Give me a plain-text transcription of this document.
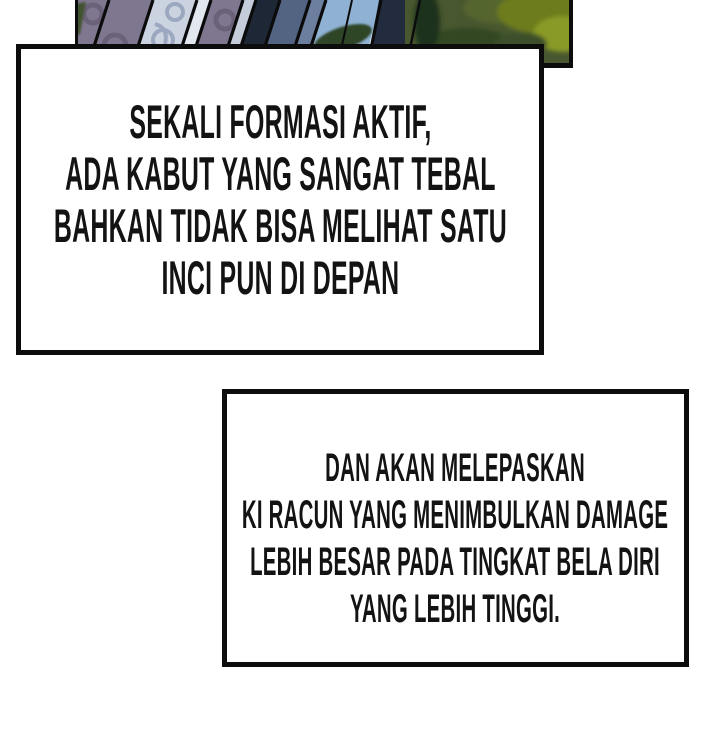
SEKALI FORMASI AKTIF,
ADA KABUT YANG SANGAT TEBAL
BAHKAN TIDAK BISA MELIHAT SATU
INCI PUN DI DEPAN
DAN AKAN MELEPASKAN
KI RACUN YANG MENIMBULKAN DAMAGE
LEBIH BESAR PADA TINGKAT BELA DIRI
YANG LEBIH TINGGI.
